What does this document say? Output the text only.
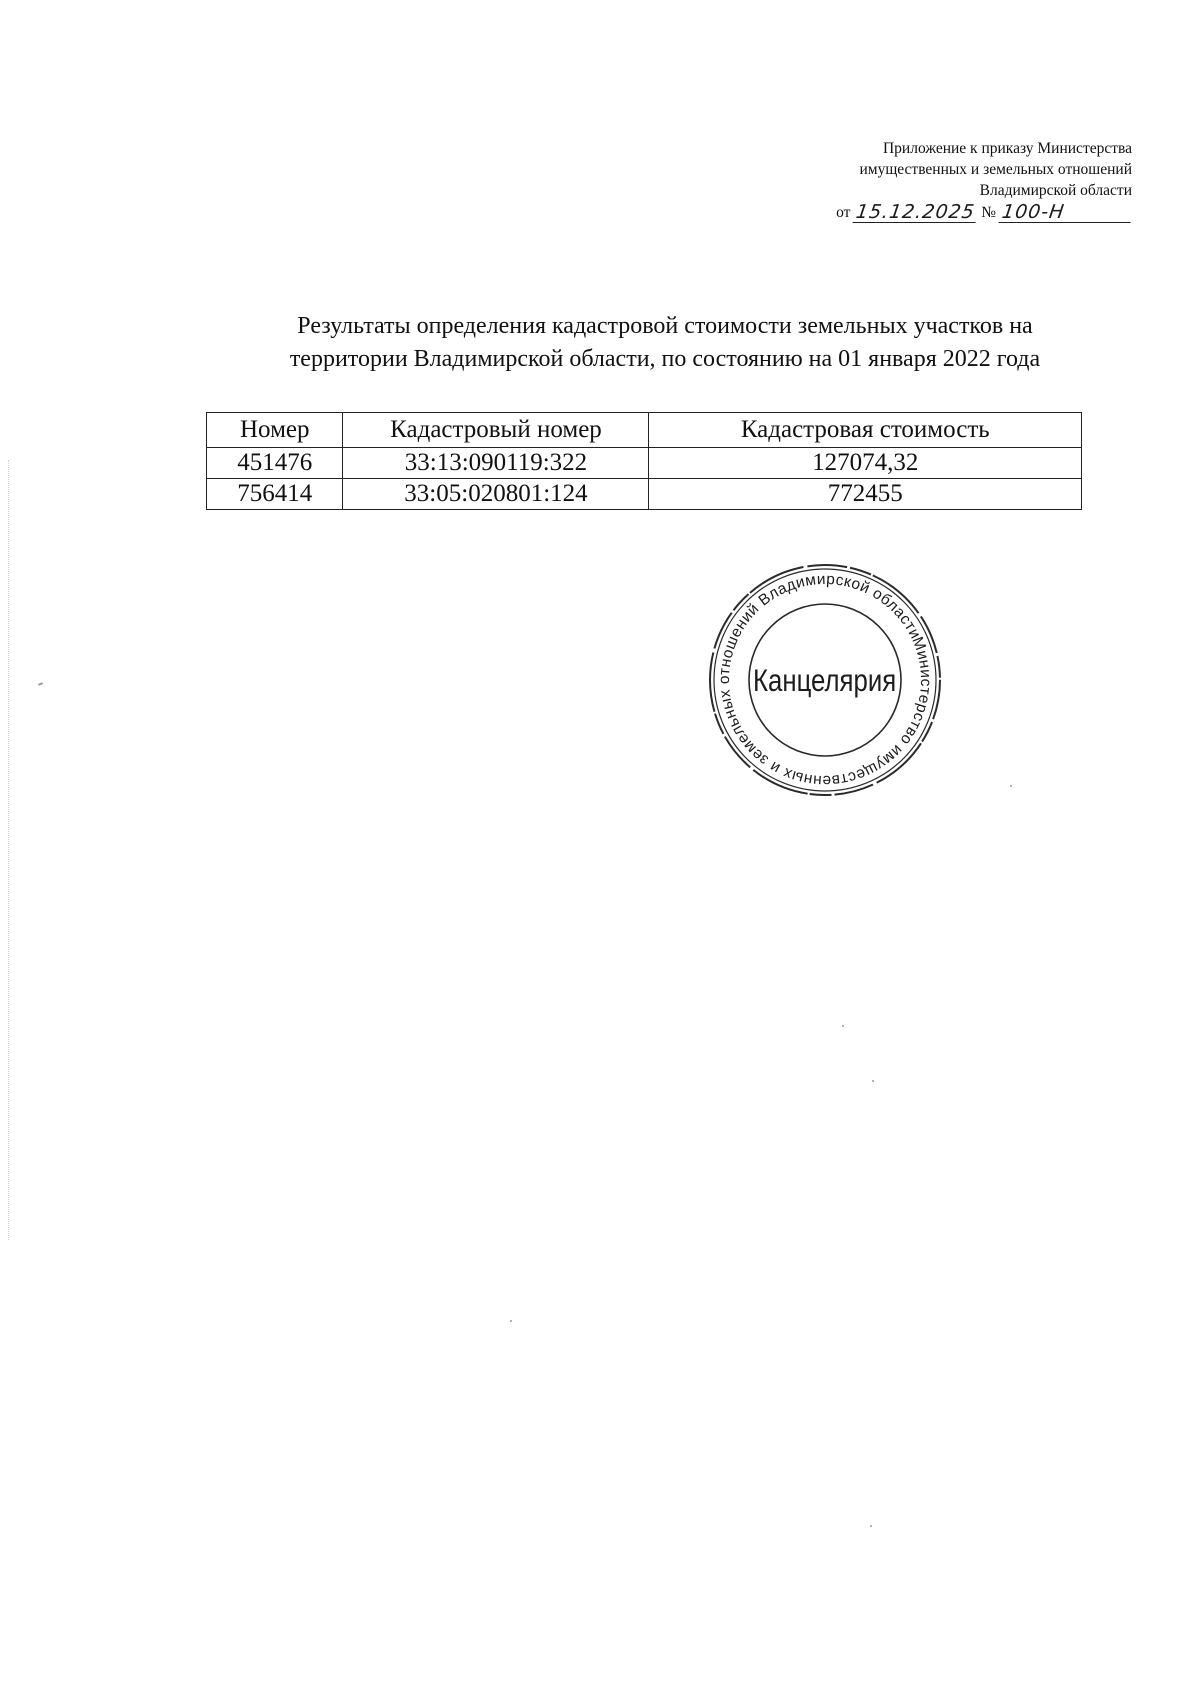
Приложение к приказу Министерства
имущественных и земельных отношений
Владимирской области
от 15.12.2025 № 100-Н
Результаты определения кадастровой стоимости земельных участков на
территории Владимирской области, по состоянию на 01 января 2022 года
Номер	Кадастровый номер	Кадастровая стоимость
451476	33:13:090119:322	127074,32
756414	33:05:020801:124	772455
Министерство имущественных и земельных отношений Владимирской области
Канцелярия
